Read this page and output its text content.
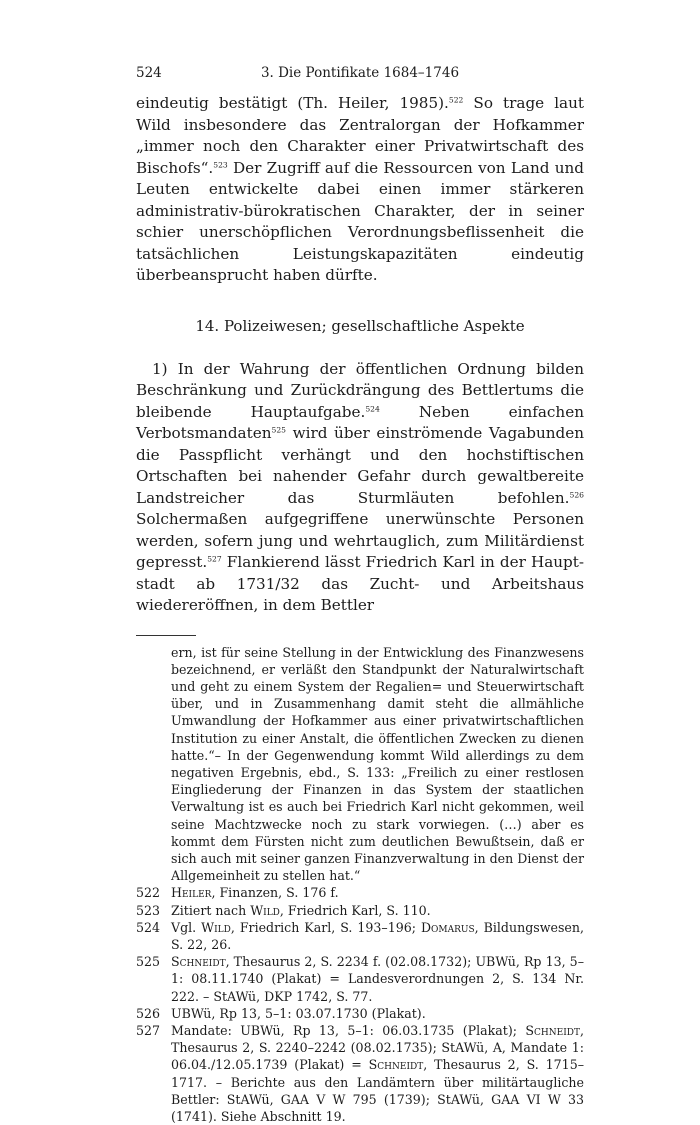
524	3. Die Pontifikate 1684–1746

eindeutig bestätigt (Th. Heiler, 1985).$^{522}$ So trage laut Wild insbesondere das Zentralorgan der Hofkammer „immer noch den Charakter einer Privatwirtschaft des Bischofs“.$^{523}$ Der Zugriff auf die Ressourcen von Land und Leuten entwickelte dabei einen immer stärkeren administrativ-bürokratischen Charakter, der in seiner schier unerschöpflichen Verordnungsbeflissenheit die tatsächlichen Leistungskapazitäten eindeutig überbeansprucht haben dürfte.

14. Polizeiwesen; gesellschaftliche Aspekte

1) In der Wahrung der öffentlichen Ordnung bilden Beschränkung und Zurückdrängung des Bettlertums die bleibende Hauptaufgabe.$^{524}$ Neben einfachen Verbotsmandaten$^{525}$ wird über einströmende Vagabunden die Passpflicht verhängt und den hochstiftischen Ortschaften bei nahender Gefahr durch gewaltbereite Landstreicher das Sturmläuten befohlen.$^{526}$ Solchermaßen aufgegriffene unerwünschte Personen werden, sofern jung und wehrtauglich, zum Militärdienst gepresst.$^{527}$ Flankierend lässt Friedrich Karl in der Hauptstadt ab 1731/32 das Zucht- und Arbeitshaus wiedereröffnen, in dem Bettler

ern, ist für seine Stellung in der Entwicklung des Finanzwesens bezeichnend, er verläßt den Standpunkt der Naturalwirtschaft und geht zu einem System der Regalien= und Steuerwirtschaft über, und in Zusammenhang damit steht die allmähliche Umwandlung der Hofkammer aus einer privatwirtschaftlichen Institution zu einer Anstalt, die öffentlichen Zwecken zu dienen hatte.“– In der Gegenwendung kommt Wild allerdings zu dem negativen Ergebnis, ebd., S. 133: „Freilich zu einer restlosen Eingliederung der Finanzen in das System der staatlichen Verwaltung ist es auch bei Friedrich Karl nicht gekommen, weil seine Machtzwecke noch zu stark vorwiegen. (…) aber es kommt dem Fürsten nicht zum deutlichen Bewußtsein, daß er sich auch mit seiner ganzen Finanzverwaltung in den Dienst der Allgemeinheit zu stellen hat.“
522 Heiler, Finanzen, S. 176 f.
523 Zitiert nach Wild, Friedrich Karl, S. 110.
524 Vgl. Wild, Friedrich Karl, S. 193–196; Domarus, Bildungswesen, S. 22, 26.
525 Schneidt, Thesaurus 2, S. 2234 f. (02.08.1732); UBWü, Rp 13, 5–1: 08.11.1740 (Plakat) = Landesverordnungen 2, S. 134 Nr. 222. – StAWü, DKP 1742, S. 77.
526 UBWü, Rp 13, 5–1: 03.07.1730 (Plakat).
527 Mandate: UBWü, Rp 13, 5–1: 06.03.1735 (Plakat); Schneidt, Thesaurus 2, S. 2240–2242 (08.02.1735); StAWü, A, Mandate 1: 06.04./12.05.1739 (Plakat) = Schneidt, Thesaurus 2, S. 1715–1717. – Berichte aus den Landämtern über militärtaugliche Bettler: StAWü, GAA V W 795 (1739); StAWü, GAA VI W 33 (1741). Siehe Abschnitt 19.
